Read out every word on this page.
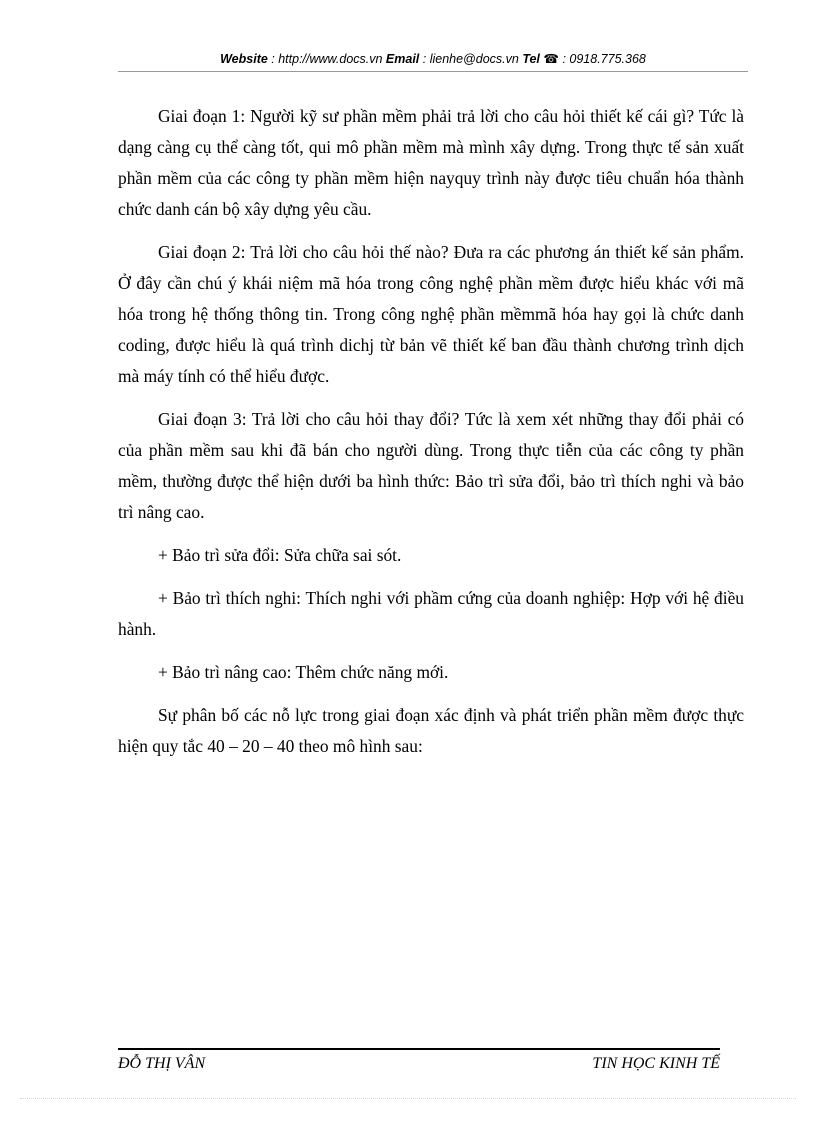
Website : http://www.docs.vn Email : lienhe@docs.vn Tel ☎ : 0918.775.368

Giai đoạn 1: Người kỹ sư phần mềm phải trả lời cho câu hỏi thiết kế cái gì? Tức là dạng càng cụ thể càng tốt, qui mô phần mềm mà mình xây dựng. Trong thực tế sản xuất phần mềm của các công ty phần mềm hiện nayquy trình này được tiêu chuẩn hóa thành chức danh cán bộ xây dựng yêu cầu.

Giai đoạn 2: Trả lời cho câu hỏi thế nào? Đưa ra các phương án thiết kế sản phẩm. Ở đây cần chú ý khái niệm mã hóa trong công nghệ phần mềm được hiểu khác với mã hóa trong hệ thống thông tin. Trong công nghệ phần mềmmã hóa hay gọi là chức danh coding, được hiểu là quá trình dichj từ bản vẽ thiết kế ban đầu thành chương trình dịch mà máy tính có thể hiểu được.

Giai đoạn 3: Trả lời cho câu hỏi thay đổi? Tức là xem xét những thay đổi phải có của phần mềm sau khi đã bán cho người dùng. Trong thực tiễn của các công ty phần mềm, thường được thể hiện dưới ba hình thức: Bảo trì sửa đổi, bảo trì thích nghi và bảo trì nâng cao.

+ Bảo trì sửa đổi: Sửa chữa sai sót.

+ Bảo trì thích nghi: Thích nghi với phầm cứng của doanh nghiệp: Hợp với hệ điều hành.

+ Bảo trì nâng cao: Thêm chức năng mới.

Sự phân bố các nỗ lực trong giai đoạn xác định và phát triển phần mềm được thực hiện quy tắc 40 – 20 – 40 theo mô hình sau:

ĐỖ THỊ VÂN	TIN HỌC KINH TẾ
